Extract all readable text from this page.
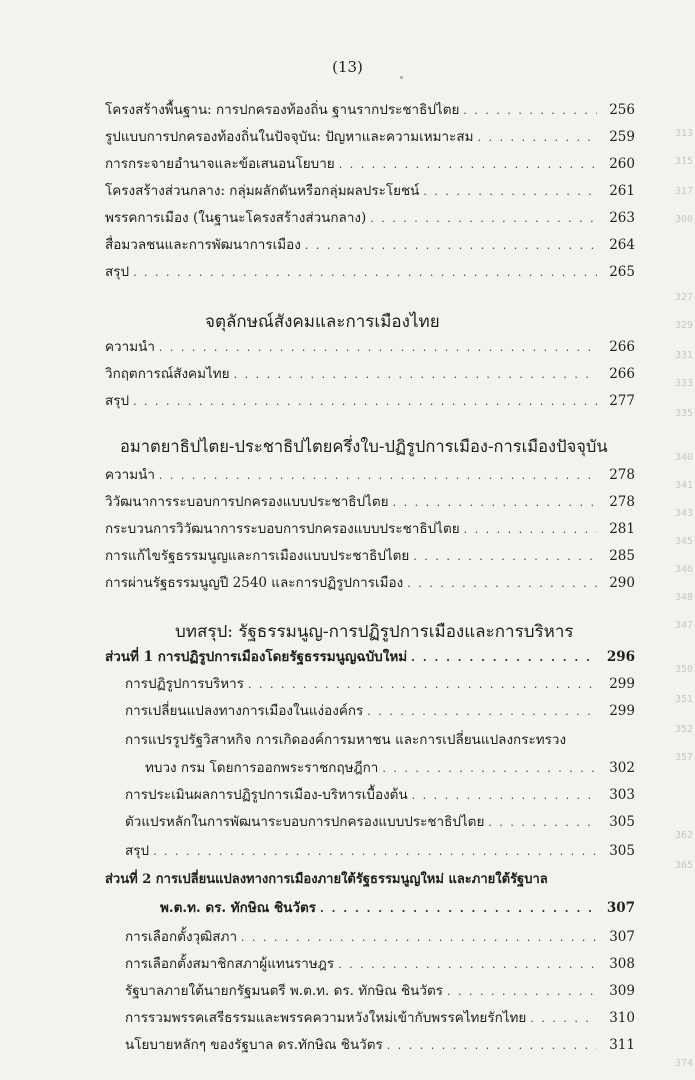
(13)
โครงสร้างพื้นฐาน: การปกครองท้องถิ่น ฐานรากประชาธิปไตย . . .	256
รูปแบบการปกครองท้องถิ่นในปัจจุบัน: ปัญหาและความเหมาะสม . . .	259
การกระจายอำนาจและข้อเสนอนโยบาย . . .	260
โครงสร้างส่วนกลาง: กลุ่มผลักดันหรือกลุ่มผลประโยชน์ . . .	261
พรรคการเมือง (ในฐานะโครงสร้างส่วนกลาง) . . .	263
สื่อมวลชนและการพัฒนาการเมือง . . .	264
สรุป . . .	265
จตุลักษณ์สังคมและการเมืองไทย
ความนำ . . .	266
วิกฤตการณ์สังคมไทย . . .	266
สรุป . . .	277
อมาตยาธิปไตย-ประชาธิปไตยครึ่งใบ-ปฏิรูปการเมือง-การเมืองปัจจุบัน
ความนำ . . .	278
วิวัฒนาการระบอบการปกครองแบบประชาธิปไตย . . .	278
กระบวนการวิวัฒนาการระบอบการปกครองแบบประชาธิปไตย . . .	281
การแก้ไขรัฐธรรมนูญและการเมืองแบบประชาธิปไตย . . .	285
การผ่านรัฐธรรมนูญปี 2540 และการปฏิรูปการเมือง . . .	290
บทสรุป: รัฐธรรมนูญ-การปฏิรูปการเมืองและการบริหาร
ส่วนที่ 1 การปฏิรูปการเมืองโดยรัฐธรรมนูญฉบับใหม่ . . .	296
การปฏิรูปการบริหาร . . .	299
การเปลี่ยนแปลงทางการเมืองในแง่องค์กร . . .	299
การแปรรูปรัฐวิสาหกิจ การเกิดองค์การมหาชน และการเปลี่ยนแปลงกระทรวง
ทบวง กรม โดยการออกพระราชกฤษฎีกา . . .	302
การประเมินผลการปฏิรูปการเมือง-บริหารเบื้องต้น . . .	303
ตัวแปรหลักในการพัฒนาระบอบการปกครองแบบประชาธิปไตย . . .	305
สรุป . . .	305
ส่วนที่ 2 การเปลี่ยนแปลงทางการเมืองภายใต้รัฐธรรมนูญใหม่ และภายใต้รัฐบาล
พ.ต.ท. ดร. ทักษิณ ชินวัตร . . .	307
การเลือกตั้งวุฒิสภา . . .	307
การเลือกตั้งสมาชิกสภาผู้แทนราษฎร . . .	308
รัฐบาลภายใต้นายกรัฐมนตรี พ.ต.ท. ดร. ทักษิณ ชินวัตร . . .	309
การรวมพรรคเสรีธรรมและพรรคความหวังใหม่เข้ากับพรรคไทยรักไทย . . .	310
นโยบายหลักๆ ของรัฐบาล ดร.ทักษิณ ชินวัตร . . .	311
313
315
317
300
327
329
331
333
335
340
341
343
345
346
348
347
350
351
352
357
362
365
374
